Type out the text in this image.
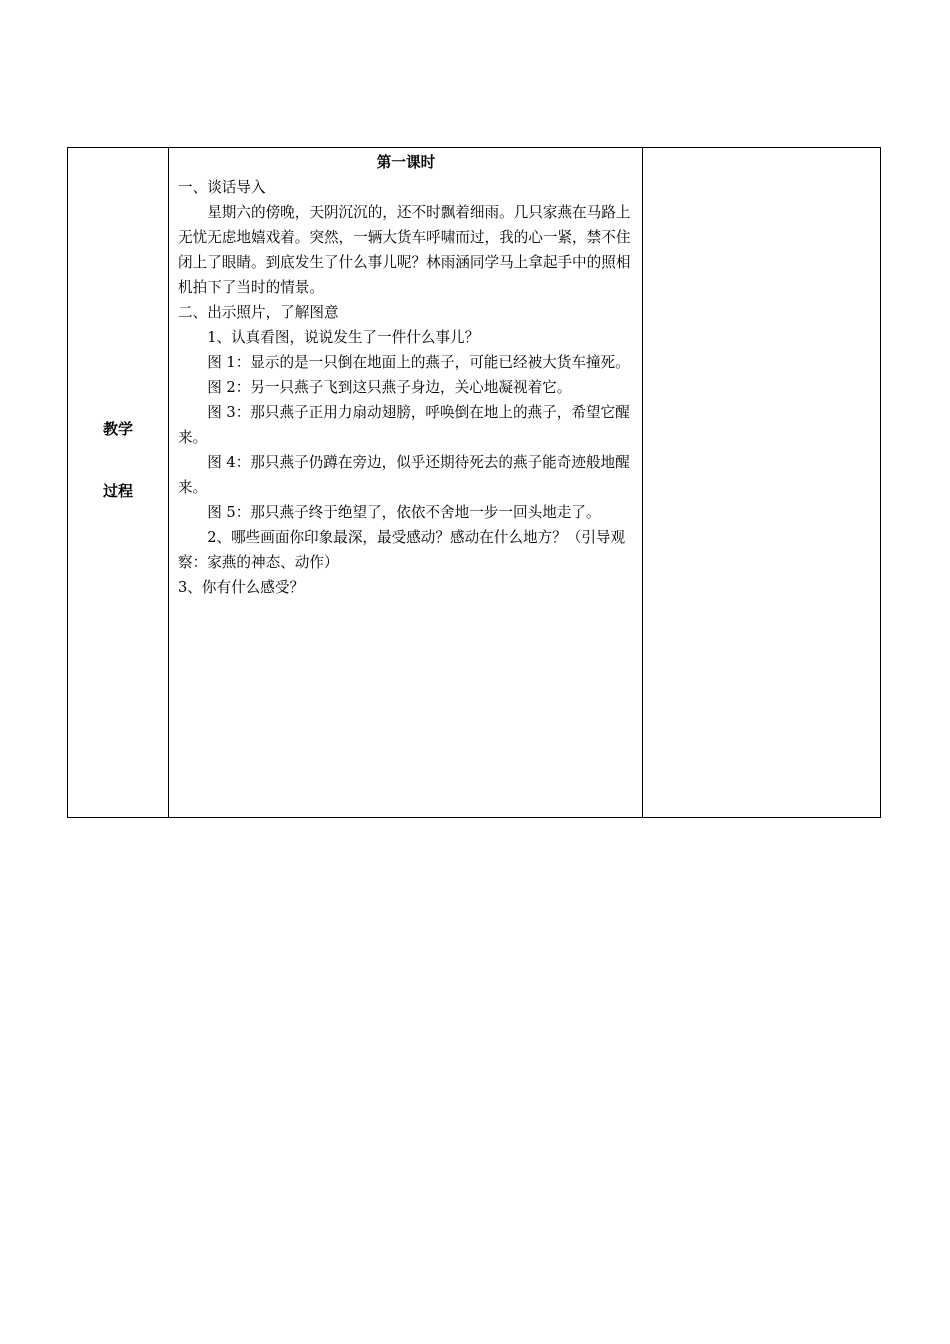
教学
过程

第一课时

一、谈话导入

星期六的傍晚，天阴沉沉的，还不时飘着细雨。几只家燕在马路上无忧无虑地嬉戏着。突然，一辆大货车呼啸而过，我的心一紧，禁不住闭上了眼睛。到底发生了什么事儿呢？林雨涵同学马上拿起手中的照相机拍下了当时的情景。

二、出示照片，了解图意

1、认真看图，说说发生了一件什么事儿？

图 1：显示的是一只倒在地面上的燕子，可能已经被大货车撞死。

图 2：另一只燕子飞到这只燕子身边，关心地凝视着它。

图 3：那只燕子正用力扇动翅膀，呼唤倒在地上的燕子，希望它醒来。

图 4：那只燕子仍蹲在旁边，似乎还期待死去的燕子能奇迹般地醒来。

图 5：那只燕子终于绝望了，依依不舍地一步一回头地走了。

2、哪些画面你印象最深，最受感动？感动在什么地方？（引导观察：家燕的神态、动作）

3、你有什么感受？
